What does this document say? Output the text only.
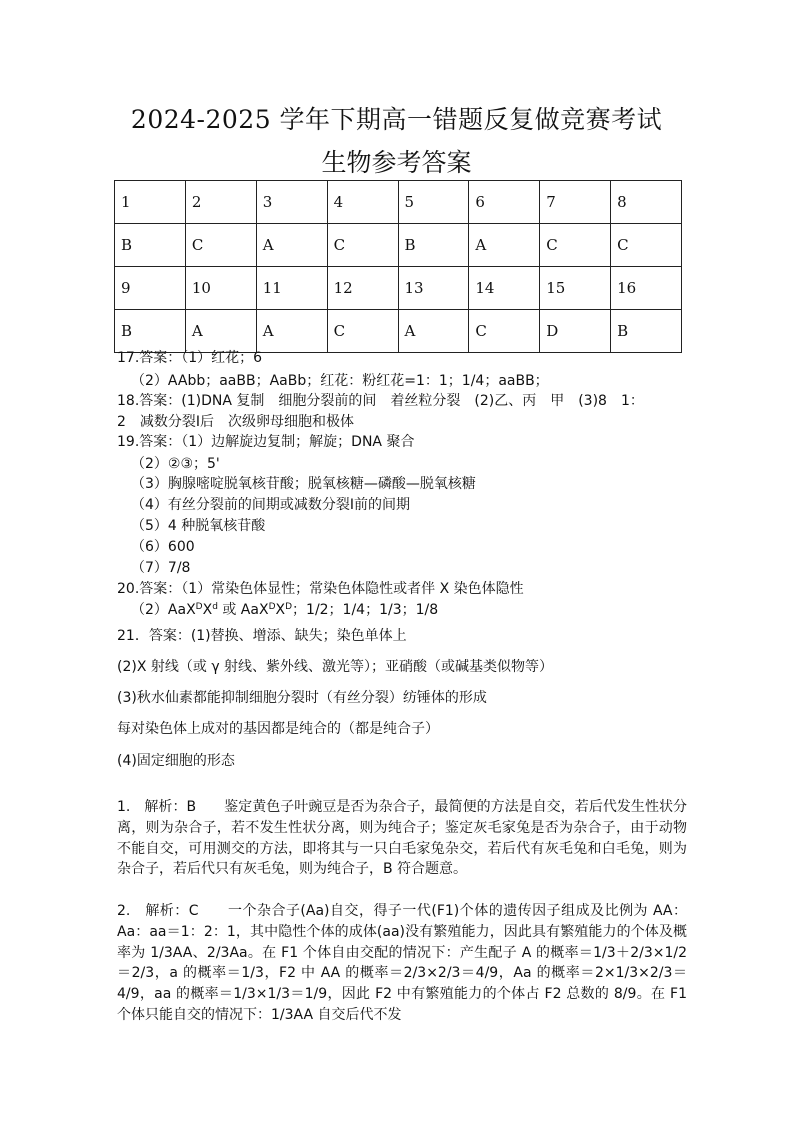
2024-2025 学年下期高一错题反复做竞赛考试
生物参考答案
1	2	3	4	5	6	7	8
B	C	A	C	B	A	C	C
9	10	11	12	13	14	15	16
B	A	A	C	A	C	D	B
17.答案：（1）红花；6
（2）AAbb；aaBB；AaBb；红花：粉红花=1：1；1/4；aaBB；
18.答案：(1)DNA 复制　细胞分裂前的间　着丝粒分裂　(2)乙、丙　甲　(3)8　1：
2　减数分裂Ⅰ后　次级卵母细胞和极体
19.答案：（1）边解旋边复制；解旋；DNA 聚合
（2）②③；5'
（3）胸腺嘧啶脱氧核苷酸；脱氧核糖—磷酸—脱氧核糖
（4）有丝分裂前的间期或减数分裂Ⅰ前的间期
（5）4 种脱氧核苷酸
（6）600
（7）7/8
20.答案：（1）常染色体显性；常染色体隐性或者伴 X 染色体隐性
$(2)AaX^DX^d$ 或 $AaX^DX^D$；1/2；1/4；1/3；1/8
21．答案：(1)替换、增添、缺失；染色单体上
(2)X 射线（或 γ 射线、紫外线、激光等）；亚硝酸（或碱基类似物等）
(3)秋水仙素都能抑制细胞分裂时（有丝分裂）纺锤体的形成
每对染色体上成对的基因都是纯合的（都是纯合子）
(4)固定细胞的形态
1.　解析：B　　鉴定黄色子叶豌豆是否为杂合子，最简便的方法是自交，若后代发生性状分离，则为杂合子，若不发生性状分离，则为纯合子；鉴定灰毛家兔是否为杂合子，由于动物不能自交，可用测交的方法，即将其与一只白毛家兔杂交，若后代有灰毛兔和白毛兔，则为杂合子，若后代只有灰毛兔，则为纯合子，B 符合题意。
2.　解析：C　　一个杂合子(Aa)自交，得子一代(F1)个体的遗传因子组成及比例为 AA：Aa：aa＝1：2：1，其中隐性个体的成体(aa)没有繁殖能力，因此具有繁殖能力的个体及概率为 1/3AA、2/3Aa。在 F1 个体自由交配的情况下：产生配子 A 的概率＝1/3＋2/3×1/2＝2/3，a 的概率＝1/3，F2 中 AA 的概率＝2/3×2/3＝4/9，Aa 的概率＝2×1/3×2/3＝4/9，aa 的概率＝1/3×1/3＝1/9，因此 F2 中有繁殖能力的个体占 F2 总数的 8/9。在 F1 个体只能自交的情况下：1/3AA 自交后代不发
